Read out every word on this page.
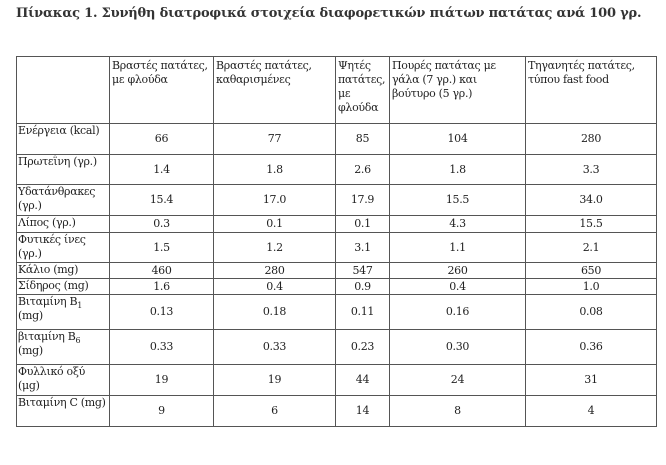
Πίνακας 1. Συνήθη διατροφικά στοιχεία διαφορετικών πιάτων πατάτας ανά 100 γρ.
	Βραστές πατάτες, με φλούδα	Βραστές πατάτες, καθαρισμένες	Ψητές πατάτες, με φλούδα	Πουρές πατάτας με γάλα (7 γρ.) και βούτυρο (5 γρ.)	Τηγανητές πατάτες, τύπου fast food
Ενέργεια (kcal)	66	77	85	104	280
Πρωτεΐνη (γρ.)	1.4	1.8	2.6	1.8	3.3
Υδατάνθρακες (γρ.)	15.4	17.0	17.9	15.5	34.0
Λίπος (γρ.)	0.3	0.1	0.1	4.3	15.5
Φυτικές ίνες (γρ.)	1.5	1.2	3.1	1.1	2.1
Κάλιο (mg)	460	280	547	260	650
Σίδηρος (mg)	1.6	0.4	0.9	0.4	1.0
Βιταμίνη $B_1$ (mg)	0.13	0.18	0.11	0.16	0.08
βιταμίνη $B_6$ (mg)	0.33	0.33	0.23	0.30	0.36
Φυλλικό οξύ (μg)	19	19	44	24	31
Βιταμίνη C (mg)	9	6	14	8	4
